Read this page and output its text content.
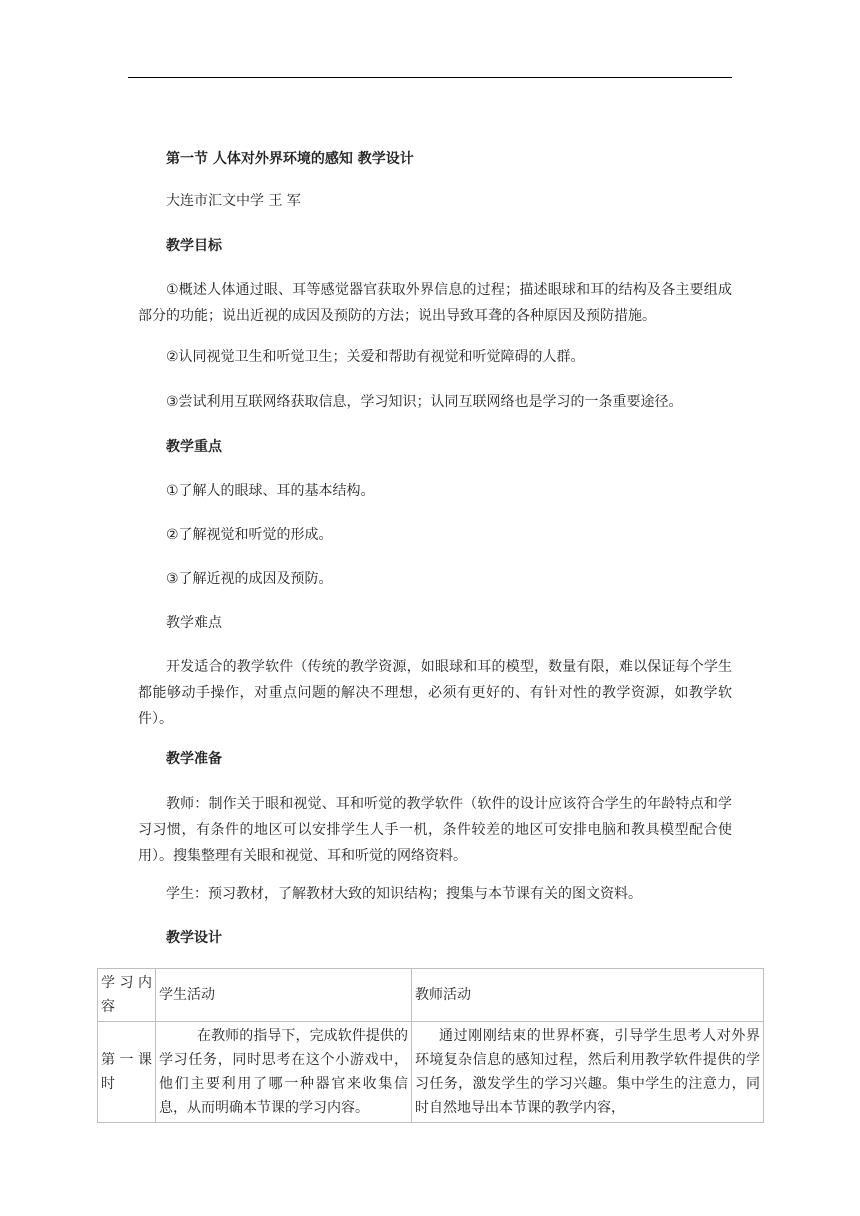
第一节 人体对外界环境的感知 教学设计
大连市汇文中学 王 军
教学目标
①概述人体通过眼、耳等感觉器官获取外界信息的过程；描述眼球和耳的结构及各主要组成部分的功能；说出近视的成因及预防的方法；说出导致耳聋的各种原因及预防措施。
②认同视觉卫生和听觉卫生；关爱和帮助有视觉和听觉障碍的人群。
③尝试利用互联网络获取信息，学习知识；认同互联网络也是学习的一条重要途径。
教学重点
①了解人的眼球、耳的基本结构。
②了解视觉和听觉的形成。
③了解近视的成因及预防。
教学难点
开发适合的教学软件（传统的教学资源，如眼球和耳的模型，数量有限，难以保证每个学生都能够动手操作，对重点问题的解决不理想，必须有更好的、有针对性的教学资源，如教学软件）。
教学准备
教师：制作关于眼和视觉、耳和听觉的教学软件（软件的设计应该符合学生的年龄特点和学习习惯，有条件的地区可以安排学生人手一机，条件较差的地区可安排电脑和教具模型配合使用）。搜集整理有关眼和视觉、耳和听觉的网络资料。
学生：预习教材，了解教材大致的知识结构；搜集与本节课有关的图文资料。
教学设计
学 习 内容	学生活动	教师活动
第 一 课时	在教师的指导下，完成软件提供的学习任务，同时思考在这个小游戏中，他们主要利用了哪一种器官来收集信息，从而明确本节课的学习内容。	通过刚刚结束的世界杯赛，引导学生思考人对外界环境复杂信息的感知过程，然后利用教学软件提供的学习任务，激发学生的学习兴趣。集中学生的注意力，同时自然地导出本节课的教学内容，
